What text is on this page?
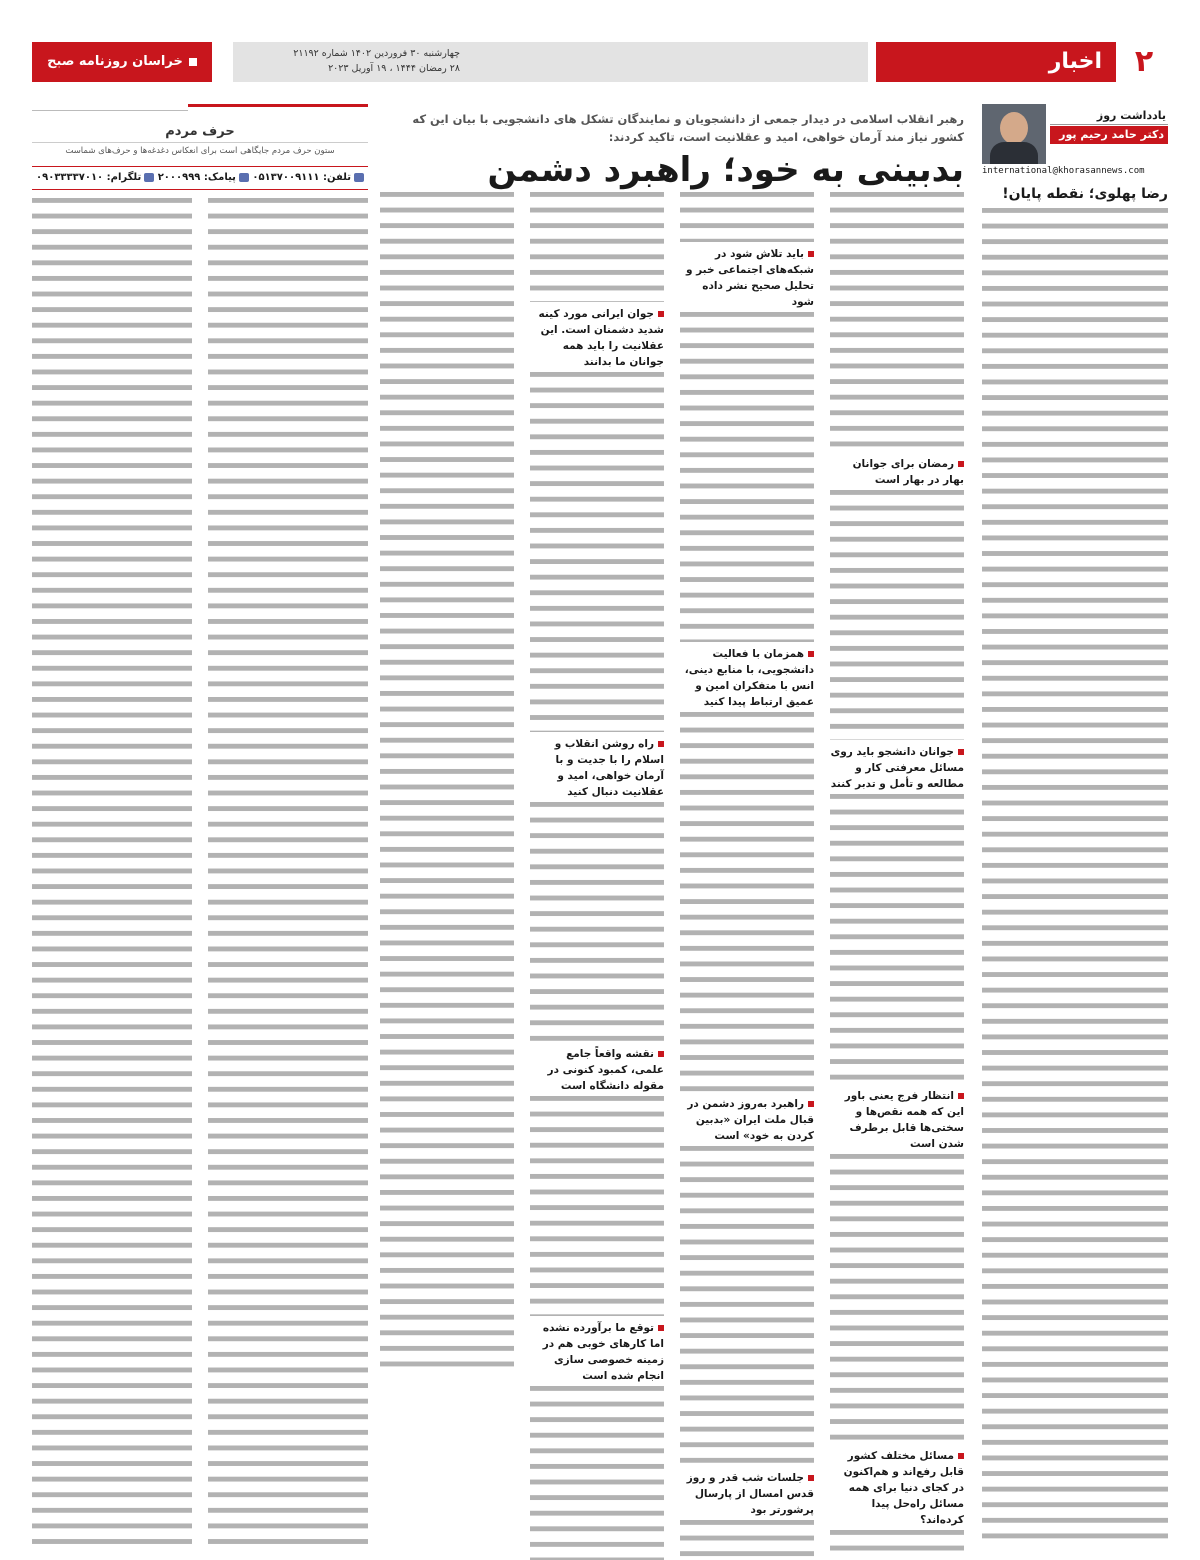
۲
اخبار
چهارشنبه ۳۰ فروردین ۱۴۰۲ شماره ۲۱۱۹۲
۲۸ رمضان ۱۴۴۴ ، ۱۹ آوریل ۲۰۲۳
خراسان روزنامه صبح ایران
یادداشت روز
دکتر حامد رحیم پور
international@khorasannews.com
رضا پهلوی؛ نقطه پایان!
رهبر انقلاب اسلامی در دیدار جمعی از دانشجویان و نمایندگان تشکل های دانشجویی با بیان این که کشور نیاز مند آرمان خواهی، امید و عقلانیت است، تاکید کردند:
بدبینی به خود؛ راهبرد دشمن
رمضان برای جوانان بهار در بهار است
جوانان دانشجو باید روی مسائل معرفتی کار و مطالعه و تأمل و تدبر کنند
انتظار فرج یعنی باور این که همه نقص‌ها و سختی‌ها قابل برطرف شدن است
مسائل مختلف کشور قابل رفع‌اند و هم‌اکنون در کجای دنیا برای همه مسائل راه‌حل پیدا کرده‌اند؟
باید تلاش شود در شبکه‌های اجتماعی خبر و تحلیل صحیح نشر داده شود
همزمان با فعالیت دانشجویی، با منابع دینی، انس با متفکران امین و عمیق ارتباط پیدا کنید
راهبرد به‌روز دشمن در قبال ملت ایران «بدبین کردن به خود» است
جلسات شب قدر و روز قدس امسال از پارسال پرشورتر بود
جوان ایرانی مورد کینه شدید دشمنان است. این عقلانیت را باید همه جوانان ما بدانند
راه روشن انقلاب و اسلام را با جدیت و با آرمان خواهی، امید و عقلانیت دنبال کنید
نقشه واقعاً جامع علمی، کمبود کنونی در مقوله دانشگاه است
توقع ما برآورده نشده اما کارهای خوبی هم در زمینه خصوصی سازی انجام شده است
حرف مردم
ستون حرف مردم جایگاهی است برای انعکاس دغدغه‌ها و حرف‌های شماست
تلفن: ۰۵۱۳۷۰۰۹۱۱۱
پیامک: ۲۰۰۰۹۹۹
تلگرام: ۰۹۰۳۳۳۳۷۰۱۰
